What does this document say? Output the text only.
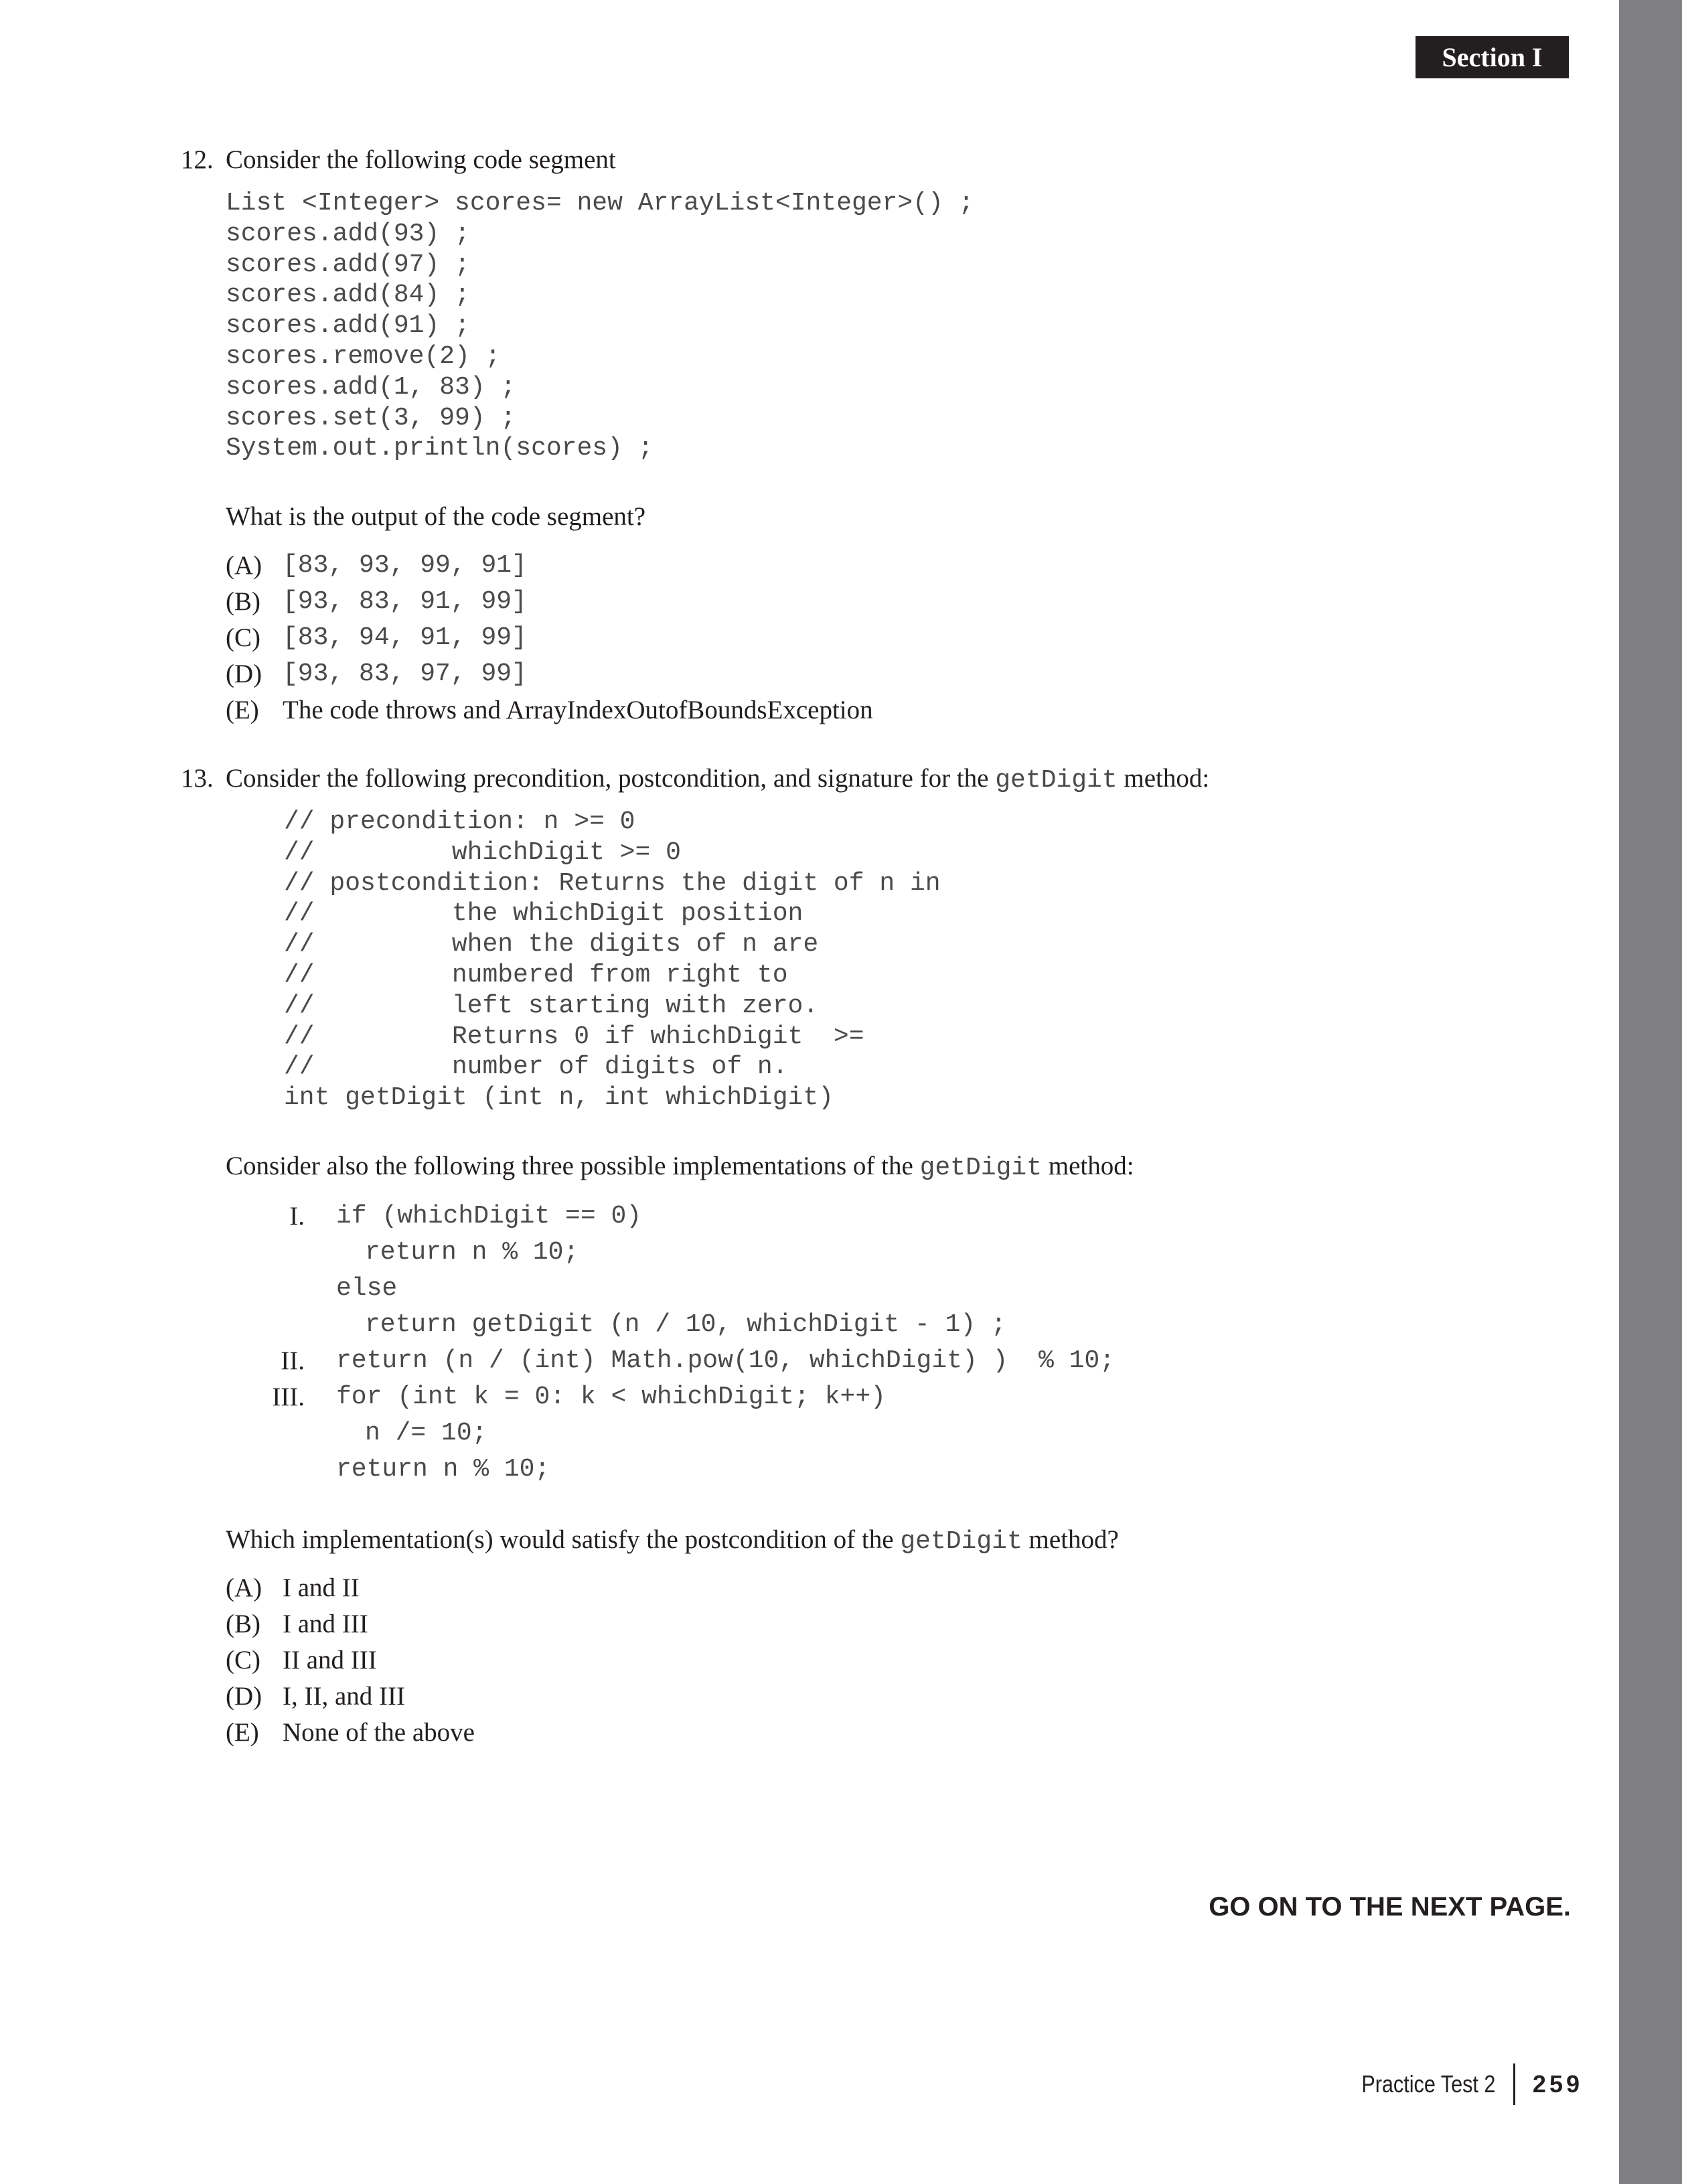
Section I
12. Consider the following code segment
List <Integer> scores= new ArrayList<Integer>() ;
scores.add(93) ;
scores.add(97) ;
scores.add(84) ;
scores.add(91) ;
scores.remove(2) ;
scores.add(1, 83) ;
scores.set(3, 99) ;
System.out.println(scores) ;
What is the output of the code segment?
(A) [83, 93, 99, 91]
(B) [93, 83, 91, 99]
(C) [83, 94, 91, 99]
(D) [93, 83, 97, 99]
(E) The code throws and ArrayIndexOutofBoundsException
13. Consider the following precondition, postcondition, and signature for the getDigit method:
// precondition: n >= 0
//         whichDigit >= 0
// postcondition: Returns the digit of n in
//         the whichDigit position
//         when the digits of n are
//         numbered from right to
//         left starting with zero.
//         Returns 0 if whichDigit  >=
//         number of digits of n.
int getDigit (int n, int whichDigit)
Consider also the following three possible implementations of the getDigit method:
I. if (whichDigit == 0)
return n % 10;
else
return getDigit (n / 10, whichDigit - 1) ;
II. return (n / (int) Math.pow(10, whichDigit) )  % 10;
III. for (int k = 0: k < whichDigit; k++)
n /= 10;
return n % 10;
Which implementation(s) would satisfy the postcondition of the getDigit method?
(A) I and II
(B) I and III
(C) II and III
(D) I, II, and III
(E) None of the above
GO ON TO THE NEXT PAGE.
Practice Test 2 259
